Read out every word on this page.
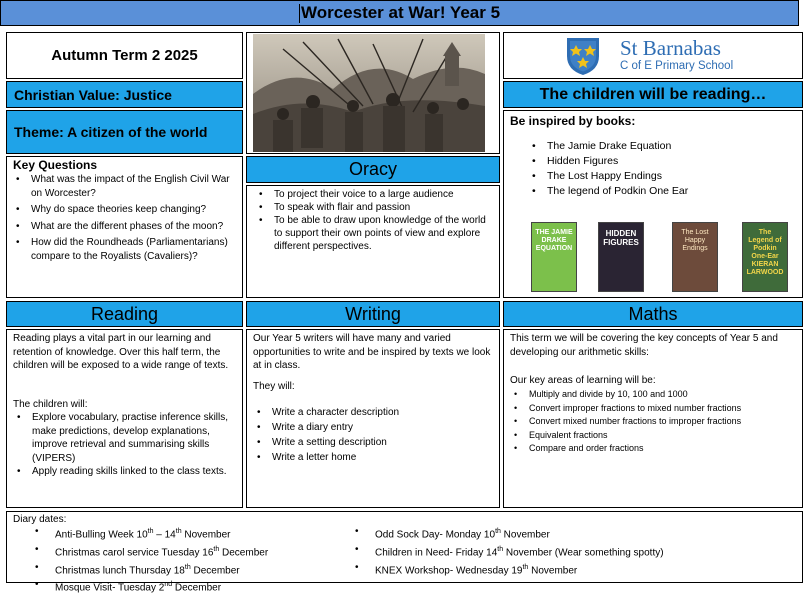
Worcester at War! Year 5
Autumn Term 2 2025
Christian Value: Justice
Theme: A citizen of the world
St Barnabas
C of E Primary School
The children will be reading…
Be inspired by books:
• The Jamie Drake Equation
• Hidden Figures
• The Lost Happy Endings
• The legend of Podkin One Ear
THE JAMIE DRAKE EQUATION
HIDDEN FIGURES
The Lost Happy Endings
The Legend of Podkin One-Ear KIERAN LARWOOD
Key Questions
• What was the impact of the English Civil War on Worcester?
• Why do space theories keep changing?
• What are the different phases of the moon?
• How did the Roundheads (Parliamentarians) compare to the Royalists (Cavaliers)?
Oracy
• To project their voice to a large audience
• To speak with flair and passion
• To be able to draw upon knowledge of the world to support their own points of view and explore different perspectives.
Reading	Writing	Maths
Reading plays a vital part in our learning and retention of knowledge. Over this half term, the children will be exposed to a wide range of texts.
The children will:
• Explore vocabulary, practise inference skills, make predictions, develop explanations, improve retrieval and summarising skills (VIPERS)
• Apply reading skills linked to the class texts.
Our Year 5 writers will have many and varied opportunities to write and be inspired by texts we look at in class.
They will:
• Write a character description
• Write a diary entry
• Write a setting description
• Write a letter home
This term we will be covering the key concepts of Year 5 and developing our arithmetic skills:
Our key areas of learning will be:
• Multiply and divide by 10, 100 and 1000
• Convert improper fractions to mixed number fractions
• Convert mixed number fractions to improper fractions
• Equivalent fractions
• Compare and order fractions
Diary dates:
• Anti-Bulling Week 10th – 14th November
• Christmas carol service Tuesday 16th December
• Christmas lunch Thursday 18th December
• Mosque Visit- Tuesday 2nd December
• Odd Sock Day- Monday 10th November
• Children in Need- Friday 14th November (Wear something spotty)
• KNEX Workshop- Wednesday 19th November
